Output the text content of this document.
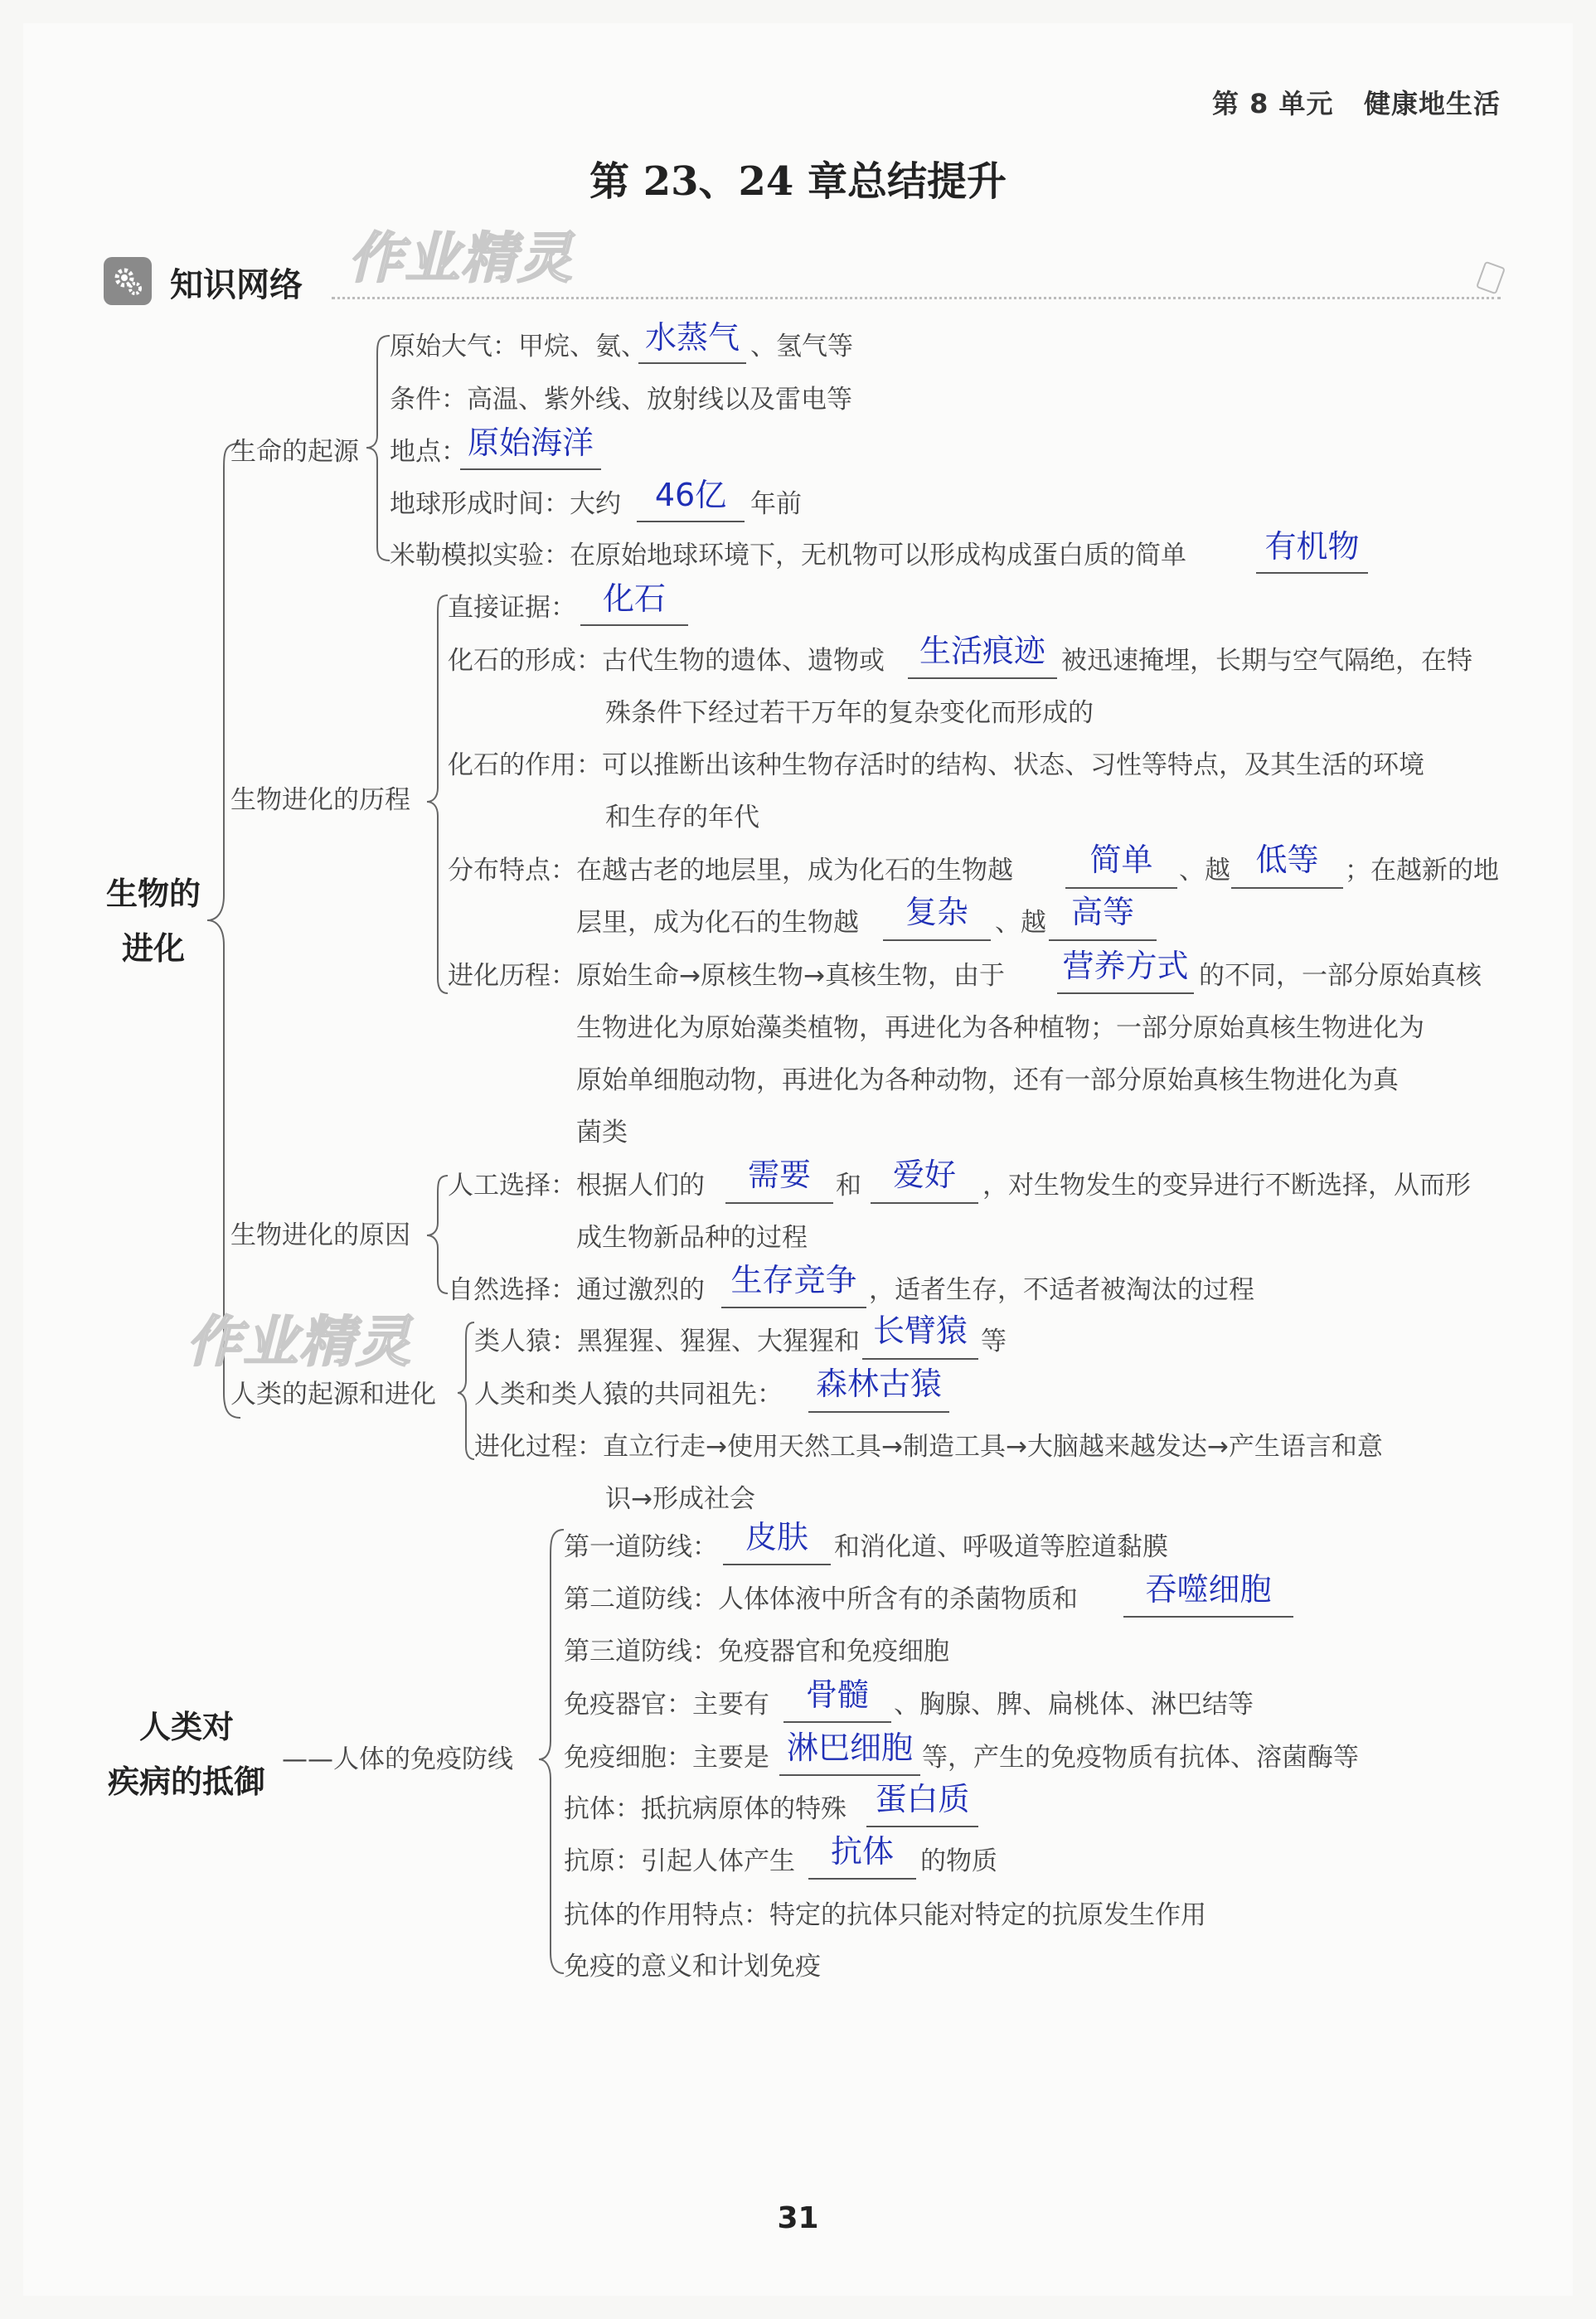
第 8 单元 健康地生活
第 23、24 章总结提升
知识网络 作业精灵
生物的
进化
生命的起源
原始大气：甲烷、氨、
水蒸气 、氢气等
条件：高温、紫外线、放射线以及雷电等
地点： 原始海洋
地球形成时间：大约	46亿 年前
米勒模拟实验：在原始地球环境下，无机物可以形成构成蛋白质的简单 有机物
生物进化的历程
直接证据： 化石
化石的形成：古代生物的遗体、遗物或	生活痕迹 被迅速掩埋，长期与空气隔绝，在特
殊条件下经过若干万年的复杂变化而形成的
化石的作用：可以推断出该种生物存活时的结构、状态、习性等特点，及其生活的环境
和生存的年代
分布特点：在越古老的地层里，成为化石的生物越	简单	、越 低等	；在越新的地
层里，成为化石的生物越	复杂	、越 高等
进化历程：原始生命→原核生物→真核生物，由于 营养方式 的不同，一部分原始真核
生物进化为原始藻类植物，再进化为各种植物；一部分原始真核生物进化为
原始单细胞动物，再进化为各种动物，还有一部分原始真核生物进化为真
菌类
生物进化的原因
人工选择：根据人们的	需要 和 爱好	，对生物发生的变异进行不断选择，从而形
成生物新品种的过程
自然选择：通过激烈的 生存竞争 ，适者生存，不适者被淘汰的过程
作业精灵
人类的起源和进化
类人猿：黑猩猩、猩猩、大猩猩和 长臂猿 等
人类和类人猿的共同祖先： 森林古猿
进化过程：直立行走→使用天然工具→制造工具→大脑越来越发达→产生语言和意
识→形成社会
人类对
疾病的抵御
——人体的免疫防线
第一道防线： 皮肤	和消化道、呼吸道等腔道黏膜
第二道防线：人体体液中所含有的杀菌物质和	吞噬细胞
第三道防线：免疫器官和免疫细胞
免疫器官：主要有	骨髓 、胸腺、脾、扁桃体、淋巴结等
免疫细胞：主要是 淋巴细胞 等，产生的免疫物质有抗体、溶菌酶等
抗体：抵抗病原体的特殊 蛋白质
抗原：引起人体产生	抗体	的物质
抗体的作用特点：特定的抗体只能对特定的抗原发生作用
免疫的意义和计划免疫
31
